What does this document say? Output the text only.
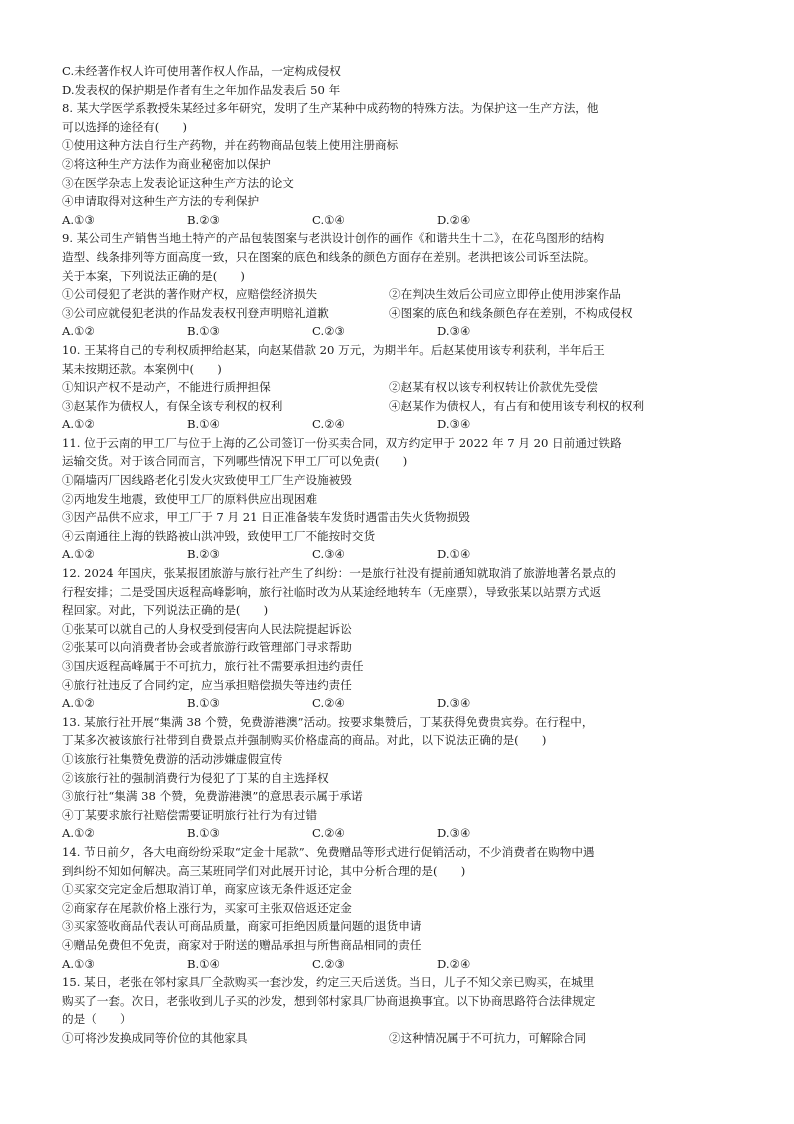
C.未经著作权人许可使用著作权人作品，一定构成侵权
D.发表权的保护期是作者有生之年加作品发表后 50 年
8. 某大学医学系教授朱某经过多年研究，发明了生产某种中成药物的特殊方法。为保护这一生产方法，他
可以选择的途径有(　　)
①使用这种方法自行生产药物，并在药物商品包装上使用注册商标
②将这种生产方法作为商业秘密加以保护
③在医学杂志上发表论证这种生产方法的论文
④申请取得对这种生产方法的专利保护
A.①③	B.②③	C.①④	D.②④
9. 某公司生产销售当地土特产的产品包装图案与老洪设计创作的画作《和谐共生十二》，在花鸟图形的结构
造型、线条排列等方面高度一致，只在图案的底色和线条的颜色方面存在差别。老洪把该公司诉至法院。
关于本案，下列说法正确的是(　　)
①公司侵犯了老洪的著作财产权，应赔偿经济损失	②在判决生效后公司应立即停止使用涉案作品
③公司应就侵犯老洪的作品发表权刊登声明赔礼道歉	④图案的底色和线条颜色存在差别，不构成侵权
A.①②	B.①③	C.②③	D.③④
10. 王某将自己的专利权质押给赵某，向赵某借款 20 万元，为期半年。后赵某使用该专利获利，半年后王
某未按期还款。本案例中(　　)
①知识产权不是动产，不能进行质押担保	②赵某有权以该专利权转让价款优先受偿
③赵某作为债权人，有保全该专利权的权利	④赵某作为债权人，有占有和使用该专利权的权利
A.①②	B.①④	C.②④	D.③④
11. 位于云南的甲工厂与位于上海的乙公司签订一份买卖合同，双方约定甲于 2022 年 7 月 20 日前通过铁路
运输交货。对于该合同而言，下列哪些情况下甲工厂可以免责(　　)
①隔墙丙厂因线路老化引发火灾致使甲工厂生产设施被毁
②丙地发生地震，致使甲工厂的原料供应出现困难
③因产品供不应求，甲工厂于 7 月 21 日正准备装车发货时遇雷击失火货物损毁
④云南通往上海的铁路被山洪冲毁，致使甲工厂不能按时交货
A.①②	B.②③	C.③④	D.①④
12. 2024 年国庆，张某报团旅游与旅行社产生了纠纷：一是旅行社没有提前通知就取消了旅游地著名景点的
行程安排；二是受国庆返程高峰影响，旅行社临时改为从某途经地转车（无座票），导致张某以站票方式返
程回家。对此，下列说法正确的是(　　)
①张某可以就自己的人身权受到侵害向人民法院提起诉讼
②张某可以向消费者协会或者旅游行政管理部门寻求帮助
③国庆返程高峰属于不可抗力，旅行社不需要承担违约责任
④旅行社违反了合同约定，应当承担赔偿损失等违约责任
A.①②	B.①③	C.②④	D.③④
13. 某旅行社开展“集满 38 个赞，免费游港澳”活动。按要求集赞后，丁某获得免费贵宾券。在行程中，
丁某多次被该旅行社带到自费景点并强制购买价格虚高的商品。对此，以下说法正确的是(　　)
①该旅行社集赞免费游的活动涉嫌虚假宣传
②该旅行社的强制消费行为侵犯了丁某的自主选择权
③旅行社“集满 38 个赞，免费游港澳”的意思表示属于承诺
④丁某要求旅行社赔偿需要证明旅行社行为有过错
A.①②	B.①③	C.②④	D.③④
14. 节日前夕，各大电商纷纷采取“定金十尾款”、免费赠品等形式进行促销活动，不少消费者在购物中遇
到纠纷不知如何解决。高三某班同学们对此展开讨论，其中分析合理的是(　　)
①买家交完定金后想取消订单，商家应该无条件返还定金
②商家存在尾款价格上涨行为，买家可主张双倍返还定金
③买家签收商品代表认可商品质量，商家可拒绝因质量问题的退货申请
④赠品免费但不免责，商家对于附送的赠品承担与所售商品相同的责任
A.①③	B.①④	C.②③	D.②④
15. 某日，老张在邻村家具厂全款购买一套沙发，约定三天后送货。当日，儿子不知父亲已购买，在城里
购买了一套。次日，老张收到儿子买的沙发，想到邻村家具厂协商退换事宜。以下协商思路符合法律规定
的是（　　）
①可将沙发换成同等价位的其他家具	②这种情况属于不可抗力，可解除合同
